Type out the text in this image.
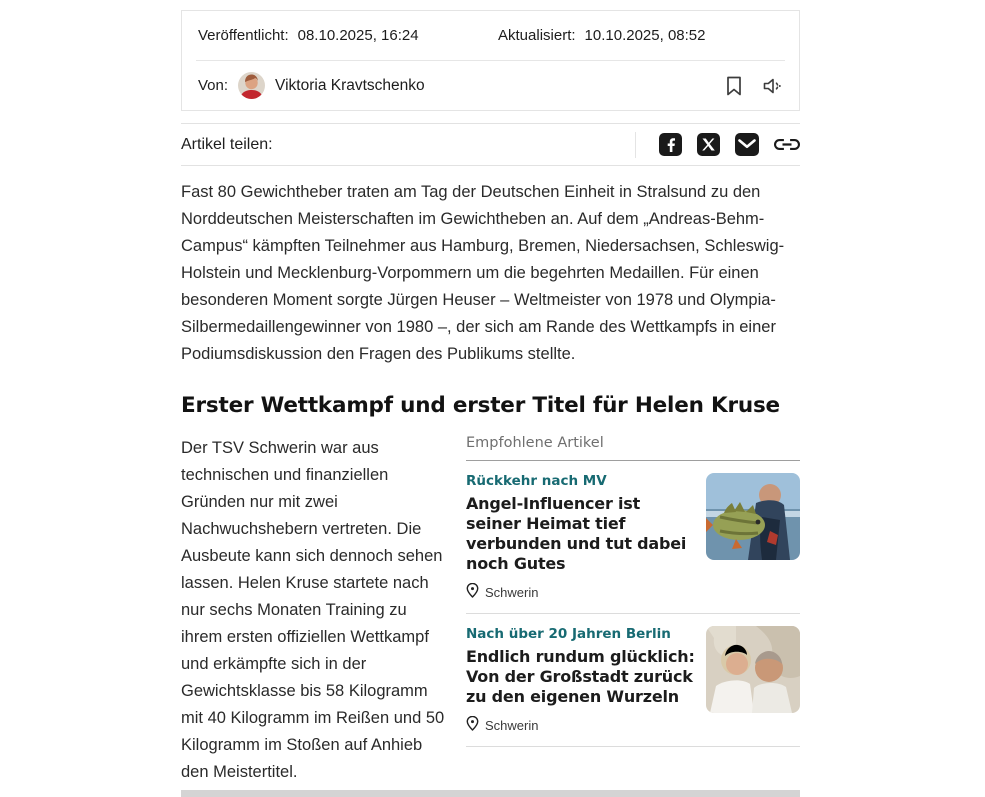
Veröffentlicht: 08.10.2025, 16:24	Aktualisiert: 10.10.2025, 08:52
Von:	Viktoria Kravtschenko
Artikel teilen:

Fast 80 Gewichtheber traten am Tag der Deutschen Einheit in Stralsund zu den Norddeutschen Meisterschaften im Gewichtheben an. Auf dem „Andreas-Behm-Campus“ kämpften Teilnehmer aus Hamburg, Bremen, Niedersachsen, Schleswig-Holstein und Mecklenburg-Vorpommern um die begehrten Medaillen. Für einen besonderen Moment sorgte Jürgen Heuser – Weltmeister von 1978 und Olympia-Silbermedaillengewinner von 1980 –, der sich am Rande des Wettkampfs in einer Podiumsdiskussion den Fragen des Publikums stellte.

Erster Wettkampf und erster Titel für Helen Kruse
Empfohlene Artikel
Rückkehr nach MV
Angel-Influencer ist seiner Heimat tief verbunden und tut dabei noch Gutes
Schwerin
Nach über 20 Jahren Berlin
Endlich rundum glücklich: Von der Großstadt zurück zu den eigenen Wurzeln
Schwerin

Der TSV Schwerin war aus technischen und finanziellen Gründen nur mit zwei Nachwuchshebern vertreten. Die Ausbeute kann sich dennoch sehen lassen. Helen Kruse startete nach nur sechs Monaten Training zu ihrem ersten offiziellen Wettkampf und erkämpfte sich in der Gewichtsklasse bis 58 Kilogramm mit 40 Kilogramm im Reißen und 50 Kilogramm im Stoßen auf Anhieb den Meistertitel.
